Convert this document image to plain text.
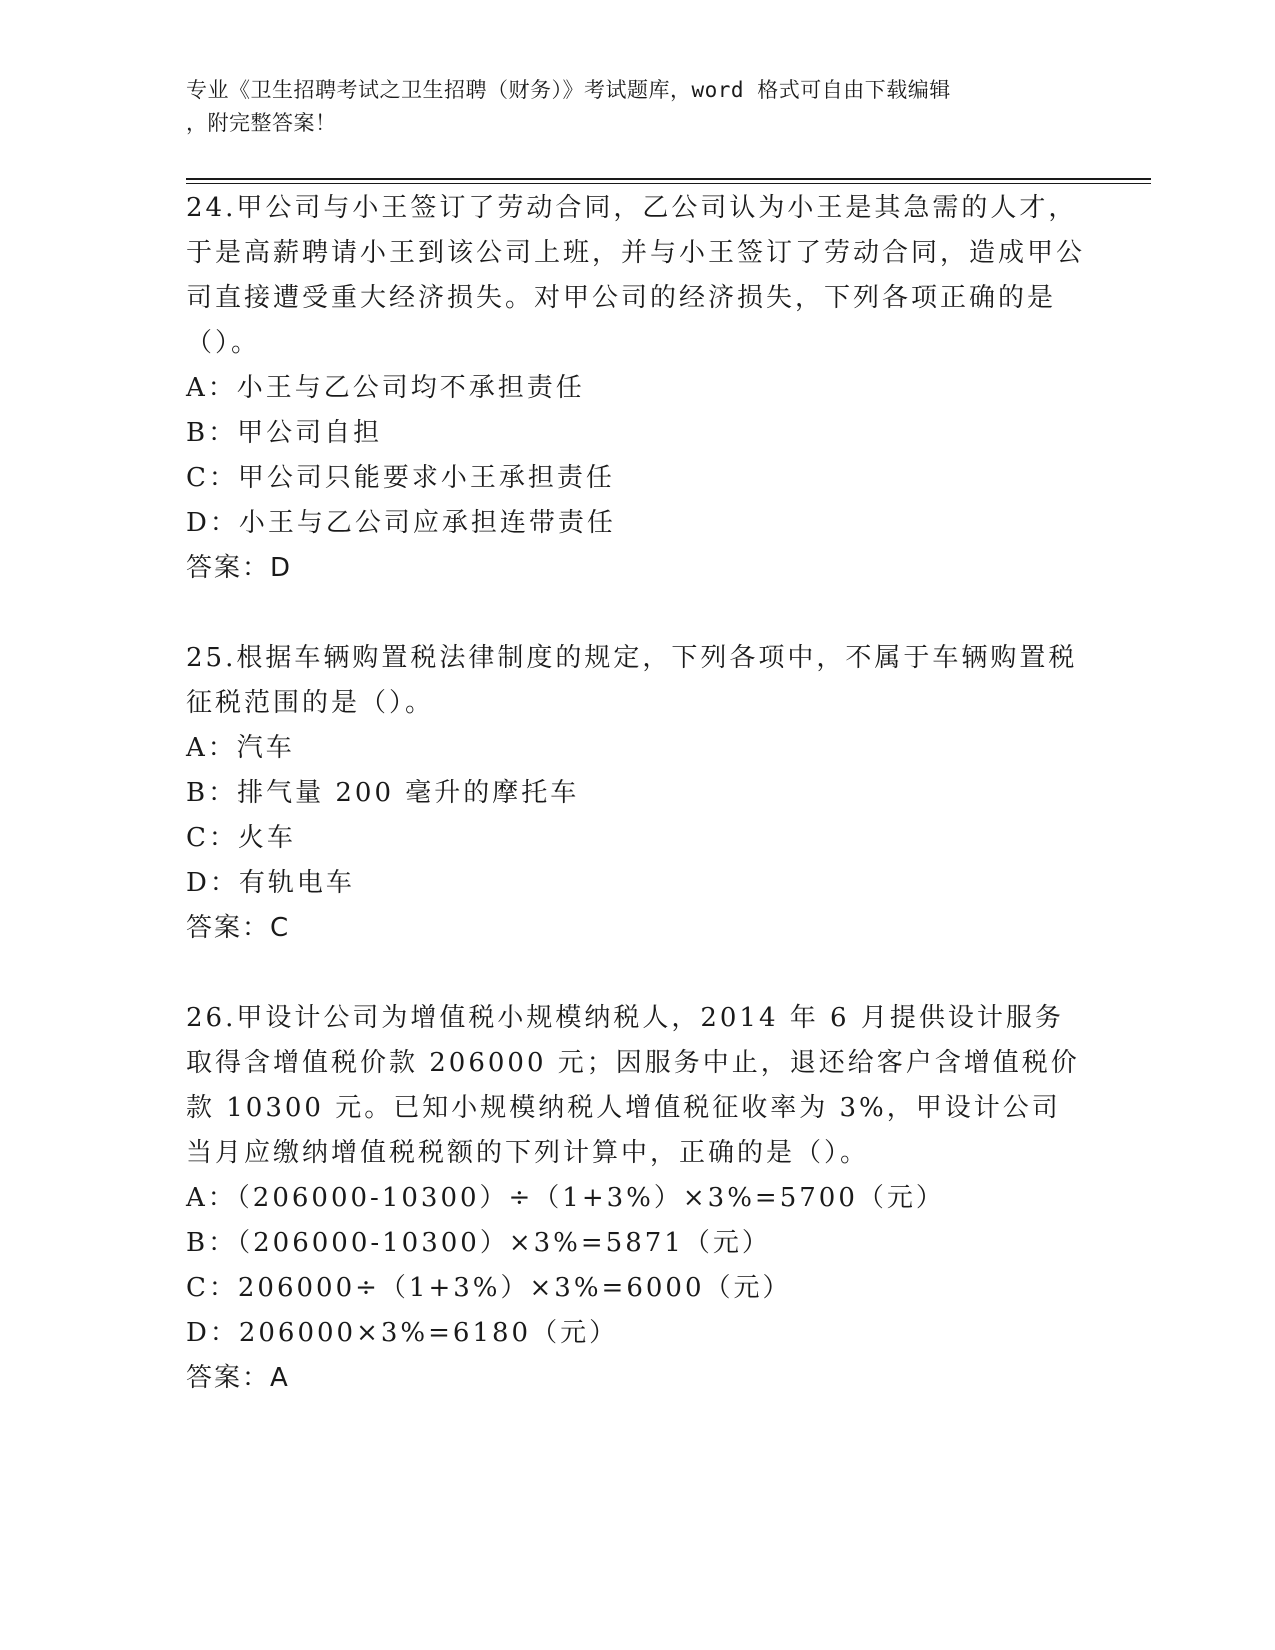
专业《卫生招聘考试之卫生招聘（财务）》考试题库，word 格式可自由下载编辑
，附完整答案！

24.甲公司与小王签订了劳动合同，乙公司认为小王是其急需的人才，于是高薪聘请小王到该公司上班，并与小王签订了劳动合同，造成甲公司直接遭受重大经济损失。对甲公司的经济损失，下列各项正确的是（）。

A：小王与乙公司均不承担责任

B：甲公司自担

C：甲公司只能要求小王承担责任

D：小王与乙公司应承担连带责任

答案：D

25.根据车辆购置税法律制度的规定，下列各项中，不属于车辆购置税征税范围的是（）。

A：汽车

B：排气量 200 毫升的摩托车

C：火车

D：有轨电车

答案：C

26.甲设计公司为增值税小规模纳税人，2014 年 6 月提供设计服务取得含增值税价款 206000 元；因服务中止，退还给客户含增值税价款 10300 元。已知小规模纳税人增值税征收率为 3%，甲设计公司当月应缴纳增值税税额的下列计算中，正确的是（）。

A：（206000-10300）÷（1+3%）×3%=5700（元）

B：（206000-10300）×3%=5871（元）

C：206000÷（1+3%）×3%=6000（元）

D：206000×3%=6180（元）

答案：A
